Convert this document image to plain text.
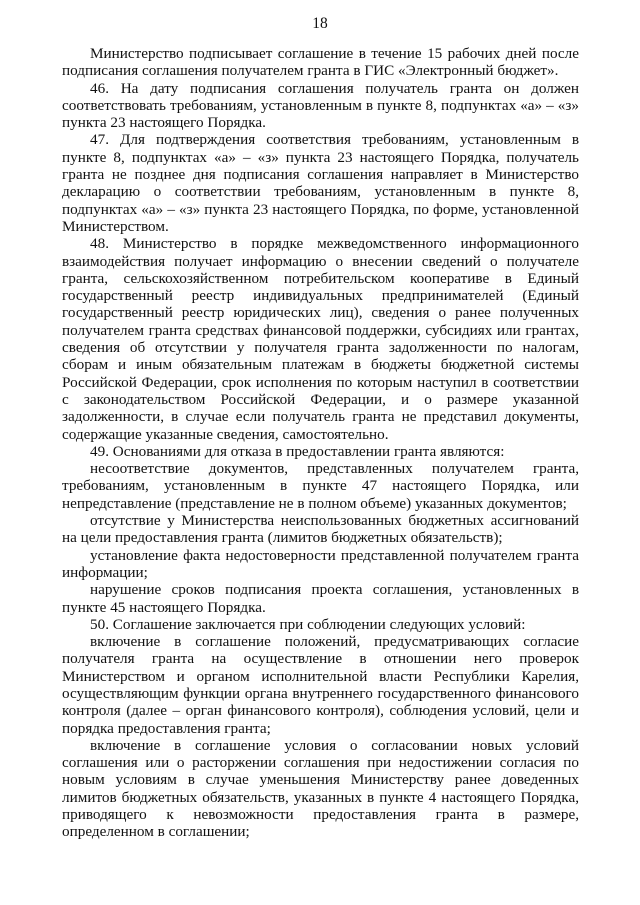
18

Министерство подписывает соглашение в течение 15 рабочих дней после подписания соглашения получателем гранта в ГИС «Электронный бюджет».

46. На дату подписания соглашения получатель гранта он должен соответствовать требованиям, установленным в пункте 8, подпунктах «а» – «з» пункта 23 настоящего Порядка.

47. Для подтверждения соответствия требованиям, установленным в пункте 8, подпунктах «а» – «з» пункта 23 настоящего Порядка, получатель гранта не позднее дня подписания соглашения направляет в Министерство декларацию о соответствии требованиям, установленным в пункте 8, подпунктах «а» – «з» пункта 23 настоящего Порядка, по форме, установленной Министерством.

48. Министерство в порядке межведомственного информационного взаимодействия получает информацию о внесении сведений о получателе гранта, сельскохозяйственном потребительском кооперативе в Единый государственный реестр индивидуальных предпринимателей (Единый государственный реестр юридических лиц), сведения о ранее полученных получателем гранта средствах финансовой поддержки, субсидиях или грантах, сведения об отсутствии у получателя гранта задолженности по налогам, сборам и иным обязательным платежам в бюджеты бюджетной системы Российской Федерации, срок исполнения по которым наступил в соответствии с законодательством Российской Федерации, и о размере указанной задолженности, в случае если получатель гранта не представил документы, содержащие указанные сведения, самостоятельно.

49. Основаниями для отказа в предоставлении гранта являются:

несоответствие документов, представленных получателем гранта, требованиям, установленным в пункте 47 настоящего Порядка, или непредставление (представление не в полном объеме) указанных документов;

отсутствие у Министерства неиспользованных бюджетных ассигнований на цели предоставления гранта (лимитов бюджетных обязательств);

установление факта недостоверности представленной получателем гранта информации;

нарушение сроков подписания проекта соглашения, установленных в пункте 45 настоящего Порядка.

50. Соглашение заключается при соблюдении следующих условий:

включение в соглашение положений, предусматривающих согласие получателя гранта на осуществление в отношении него проверок Министерством и органом исполнительной власти Республики Карелия, осуществляющим функции органа внутреннего государственного финансового контроля (далее – орган финансового контроля), соблюдения условий, цели и порядка предоставления гранта;

включение в соглашение условия о согласовании новых условий соглашения или о расторжении соглашения при недостижении согласия по новым условиям в случае уменьшения Министерству ранее доведенных лимитов бюджетных обязательств, указанных в пункте 4 настоящего Порядка, приводящего к невозможности предоставления гранта в размере, определенном в соглашении;
